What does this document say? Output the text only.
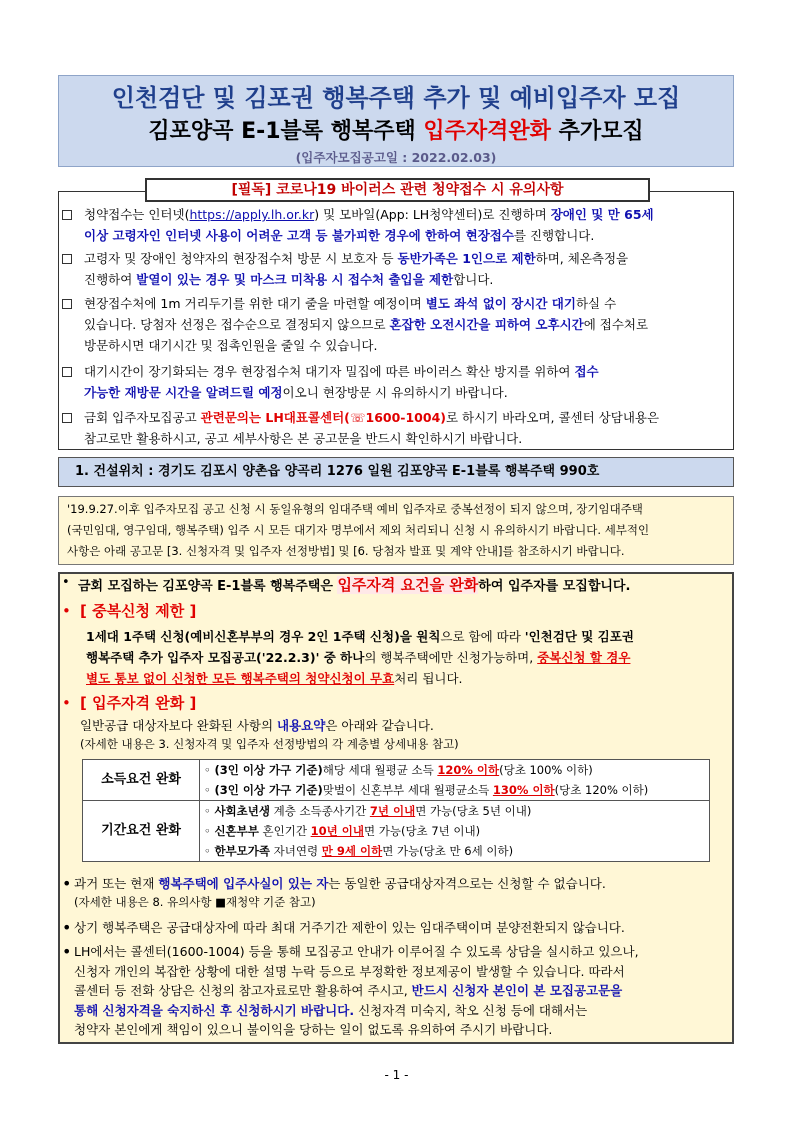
인천검단 및 김포권 행복주택 추가 및 예비입주자 모집
김포양곡 E-1블록 행복주택 입주자격완화 추가모집
(입주자모집공고일 : 2022.02.03)
[필독] 코로나19 바이러스 관련 청약접수 시 유의사항
청약접수는 인터넷(https://apply.lh.or.kr) 및 모바일(App: LH청약센터)로 진행하며 장애인 및 만 65세
이상 고령자인 인터넷 사용이 어려운 고객 등 불가피한 경우에 한하여 현장접수를 진행합니다.
고령자 및 장애인 청약자의 현장접수처 방문 시 보호자 등 동반가족은 1인으로 제한하며, 체온측정을
진행하여 발열이 있는 경우 및 마스크 미착용 시 접수처 출입을 제한합니다.
현장접수처에 1m 거리두기를 위한 대기 줄을 마련할 예정이며 별도 좌석 없이 장시간 대기하실 수
있습니다. 당첨자 선정은 접수순으로 결정되지 않으므로 혼잡한 오전시간을 피하여 오후시간에 접수처로
방문하시면 대기시간 및 접촉인원을 줄일 수 있습니다.
대기시간이 장기화되는 경우 현장접수처 대기자 밀집에 따른 바이러스 확산 방지를 위하여 접수
가능한 재방문 시간을 알려드릴 예정이오니 현장방문 시 유의하시기 바랍니다.
금회 입주자모집공고 관련문의는 LH대표콜센터(☏1600-1004)로 하시기 바라오며, 콜센터 상담내용은
참고로만 활용하시고, 공고 세부사항은 본 공고문을 반드시 확인하시기 바랍니다.
1. 건설위치 : 경기도 김포시 양촌읍 양곡리 1276 일원 김포양곡 E-1블록 행복주택 990호
'19.9.27.이후 입주자모집 공고 신청 시 동일유형의 임대주택 예비 입주자로 중복선정이 되지 않으며, 장기임대주택
(국민임대, 영구임대, 행복주택) 입주 시 모든 대기자 명부에서 제외 처리되니 신청 시 유의하시기 바랍니다. 세부적인
사항은 아래 공고문 [3. 신청자격 및 입주자 선정방법] 및 [6. 당첨자 발표 및 계약 안내]를 참조하시기 바랍니다.
• 금회 모집하는 김포양곡 E-1블록 행복주택은 입주자격 요건을 완화하여 입주자를 모집합니다.
• [ 중복신청 제한 ]
1세대 1주택 신청(예비신혼부부의 경우 2인 1주택 신청)을 원칙으로 함에 따라 '인천검단 및 김포권
행복주택 추가 입주자 모집공고('22.2.3)' 중 하나의 행복주택에만 신청가능하며, 중복신청 할 경우
별도 통보 없이 신청한 모든 행복주택의 청약신청이 무효처리 됩니다.
• [ 입주자격 완화 ]
일반공급 대상자보다 완화된 사항의 내용요약은 아래와 같습니다.
(자세한 내용은 3. 신청자격 및 입주자 선정방법의 각 계층별 상세내용 참고)
소득요건 완화	◦ (3인 이상 가구 기준)해당 세대 월평균 소득 120% 이하(당초 100% 이하)
◦ (3인 이상 가구 기준)맞벌이 신혼부부 세대 월평균소득 130% 이하(당초 120% 이하)

기간요건 완화	◦ 사회초년생 계층 소득종사기간 7년 이내면 가능(당초 5년 이내)
◦ 신혼부부 혼인기간 10년 이내면 가능(당초 7년 이내)
◦ 한부모가족 자녀연령 만 9세 이하면 가능(당초 만 6세 이하)
• 과거 또는 현재 행복주택에 입주사실이 있는 자는 동일한 공급대상자격으로는 신청할 수 없습니다.
(자세한 내용은 8. 유의사항 ■재청약 기준 참고)
• 상기 행복주택은 공급대상자에 따라 최대 거주기간 제한이 있는 임대주택이며 분양전환되지 않습니다.
• LH에서는 콜센터(1600-1004) 등을 통해 모집공고 안내가 이루어질 수 있도록 상담을 실시하고 있으나,
신청자 개인의 복잡한 상황에 대한 설명 누락 등으로 부정확한 정보제공이 발생할 수 있습니다. 따라서
콜센터 등 전화 상담은 신청의 참고자료로만 활용하여 주시고, 반드시 신청자 본인이 본 모집공고문을
통해 신청자격을 숙지하신 후 신청하시기 바랍니다. 신청자격 미숙지, 착오 신청 등에 대해서는
청약자 본인에게 책임이 있으니 불이익을 당하는 일이 없도록 유의하여 주시기 바랍니다.
- 1 -
